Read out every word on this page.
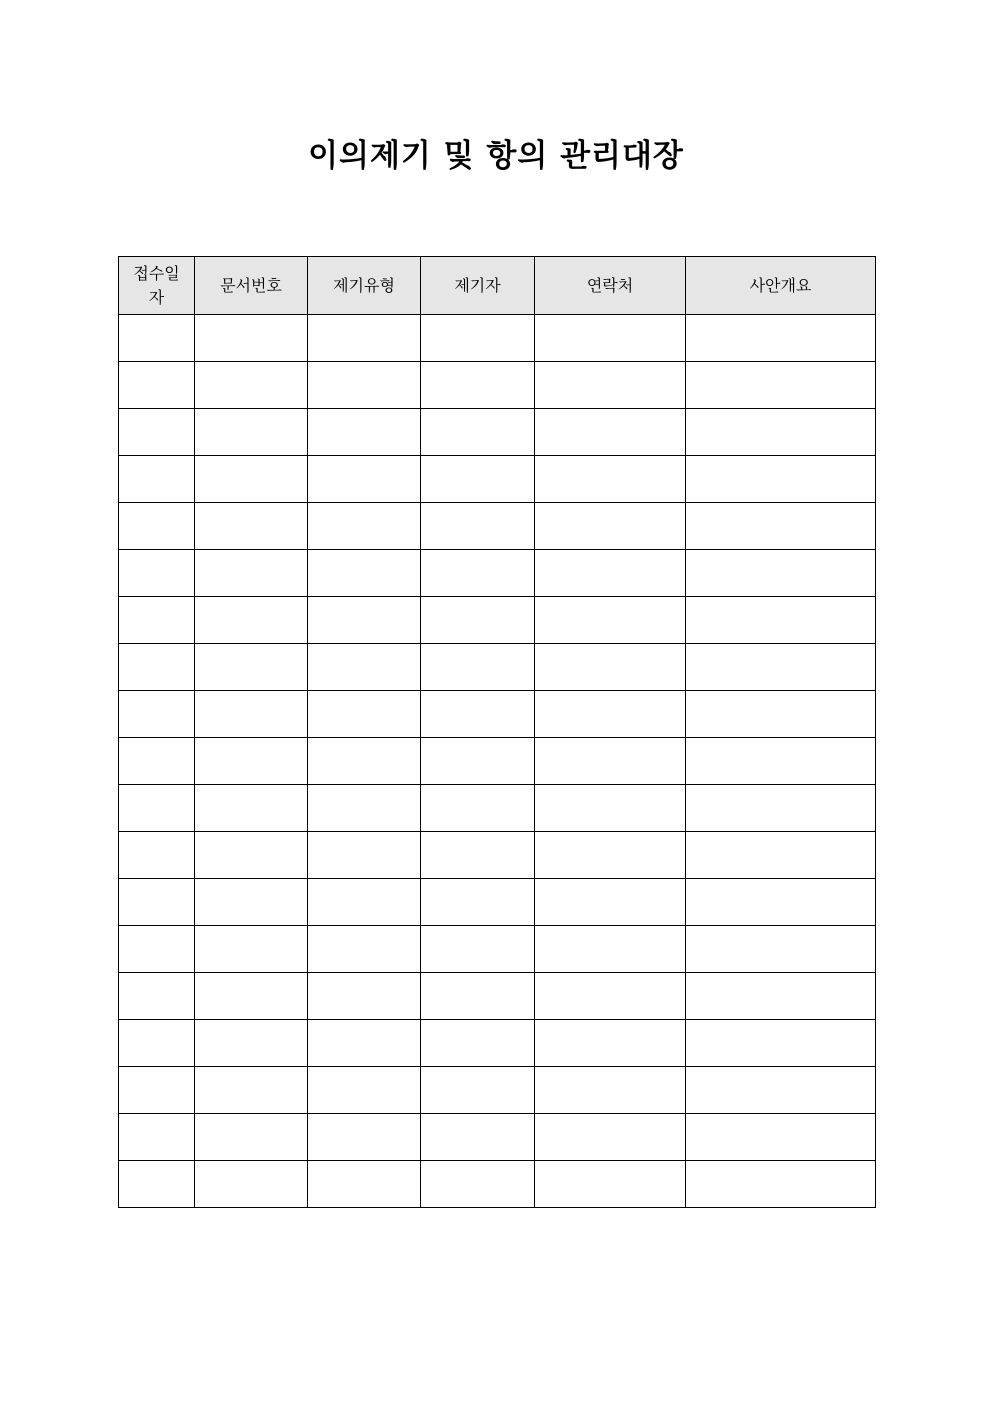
이의제기 및 항의 관리대장
접수일자	문서번호	제기유형	제기자	연락처	사안개요
